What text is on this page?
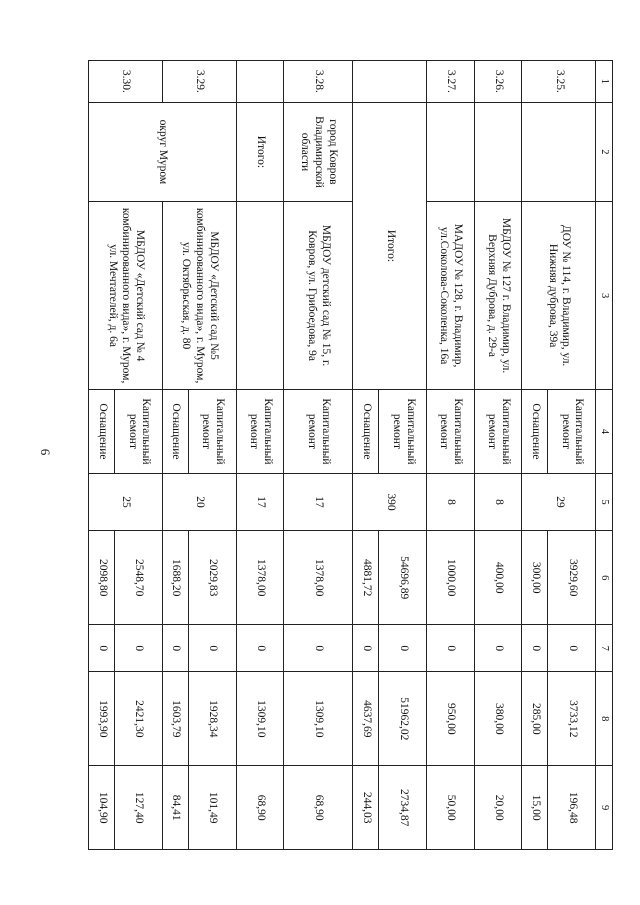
6
1	2	3	4	5	6	7	8	9
3.25.		ДОУ № 114, г. Владимир, ул. Нижняя дуброва, 39а	Капитальный ремонт	29	3929,60	0	3733,12	196,48
			Оснащение		300,00	0	285,00	15,00
3.26.		МБДОУ № 127 г. Владимир, ул. Верхняя Дуброва, д. 29-а	Капитальный ремонт	8	400,00	0	380,00	20,00
3.27.		МАДОУ № 128, г. Владимир, ул.Соколова-Соколенка, 16а	Капитальный ремонт	8	1000,00	0	950,00	50,00
	Итого:		Капитальный ремонт	390	54696,89	0	51962,02	2734,87
			Оснащение		4881,72	0	4637,69	244,03
3.28.	город Ковров Владимирской области	МБДОУ детский сад № 15, г. Ковров, ул. Грибоедова, 9а	Капитальный ремонт	17	1378,00	0	1309,10	68,90
	Итого:		Капитальный ремонт	17	1378,00	0	1309,10	68,90
3.29.	округ Муром	МБДОУ «Детский сад №5 комбинированного вида», г. Муром, ул. Октябрьская, д. 80	Капитальный ремонт	20	2029,83	0	1928,34	101,49
			Оснащение		1688,20	0	1603,79	84,41
3.30.		МБДОУ «Детский сад № 4 комбинированного вида», г. Муром, ул. Мечтателей, д. 6а	Капитальный ремонт	25	2548,70	0	2421,30	127,40
			Оснащение		2098,80	0	1993,90	104,90
